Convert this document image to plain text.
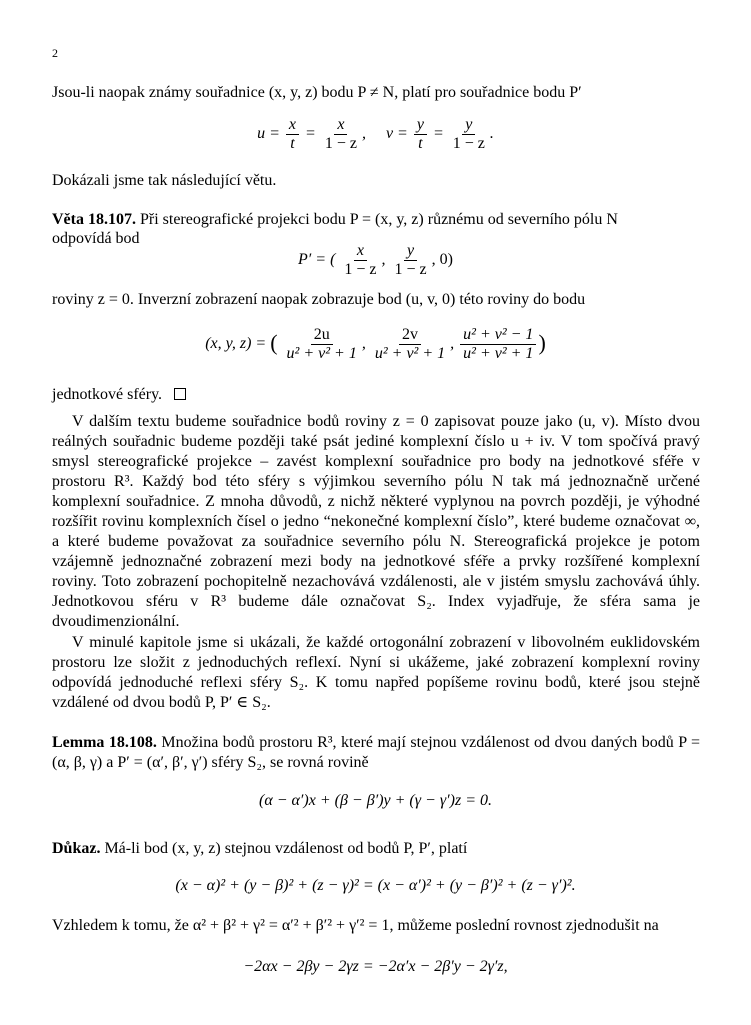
2
Jsou-li naopak známy souřadnice (x, y, z) bodu P ≠ N, platí pro souřadnice bodu P′
$u = \frac{x}{t} = \frac{x}{1 - z}$ ,     $v = \frac{y}{t} = \frac{y}{1 - z}$ .
Dokázali jsme tak následující větu.
Věta 18.107. Při stereografické projekci bodu P = (x, y, z) různému od severního pólu N
odpovídá bod
P′ = ( $\frac{x}{1 - z}$ , $\frac{y}{1 - z}$ , 0)
roviny z = 0. Inverzní zobrazení naopak zobrazuje bod (u, v, 0) této roviny do bodu
(x, y, z) = ( $\frac{2u}{\text{u² + v² + 1}}$ , $\frac{2v}{\text{u² + v² + 1}}$ , $\frac{\text{u² + v² − 1}}{\text{u² + v² + 1}}$ )
jednotkové sféry.
V dalším textu budeme souřadnice bodů roviny z = 0 zapisovat pouze jako (u, v). Místo dvou reálných souřadnic budeme později také psát jediné komplexní číslo u + iv. V tom spočívá pravý smysl stereografické projekce – zavést komplexní souřadnice pro body na jednotkové sféře v prostoru R³. Každý bod této sféry s výjimkou severního pólu N tak má jednoznačně určené komplexní souřadnice. Z mnoha důvodů, z nichž některé vyplynou na povrch později, je výhodné rozšířit rovinu komplexních čísel o jedno “nekonečné komplexní číslo”, které budeme označovat ∞, a které budeme považovat za souřadnice severního pólu N. Stereografická projekce je potom vzájemně jednoznačné zobrazení mezi body na jednotkové sféře a prvky rozšířené komplexní roviny. Toto zobrazení pochopitelně nezachovává vzdálenosti, ale v jistém smyslu zachovává úhly. Jednotkovou sféru v R³ budeme dále označovat S₂. Index vyjadřuje, že sféra sama je dvoudimenzionální.
V minulé kapitole jsme si ukázali, že každé ortogonální zobrazení v libovolném euklidovském prostoru lze složit z jednoduchých reflexí. Nyní si ukážeme, jaké zobrazení komplexní roviny odpovídá jednoduché reflexi sféry S₂. K tomu napřed popíšeme rovinu bodů, které jsou stejně vzdálené od dvou bodů P, P′ ∈ S₂.
Lemma 18.108. Množina bodů prostoru R³, které mají stejnou vzdálenost od dvou daných bodů P = (α, β, γ) a P′ = (α′, β′, γ′) sféry S₂, se rovná rovině
(α − α′)x + (β − β′)y + (γ − γ′)z = 0.
Důkaz. Má-li bod (x, y, z) stejnou vzdálenost od bodů P, P′, platí
(x − α)² + (y − β)² + (z − γ)² = (x − α′)² + (y − β′)² + (z − γ′)².
Vzhledem k tomu, že α² + β² + γ² = α′² + β′² + γ′² = 1, můžeme poslední rovnost zjednodušit na
−2αx − 2βy − 2γz = −2α′x − 2β′y − 2γ′z,
